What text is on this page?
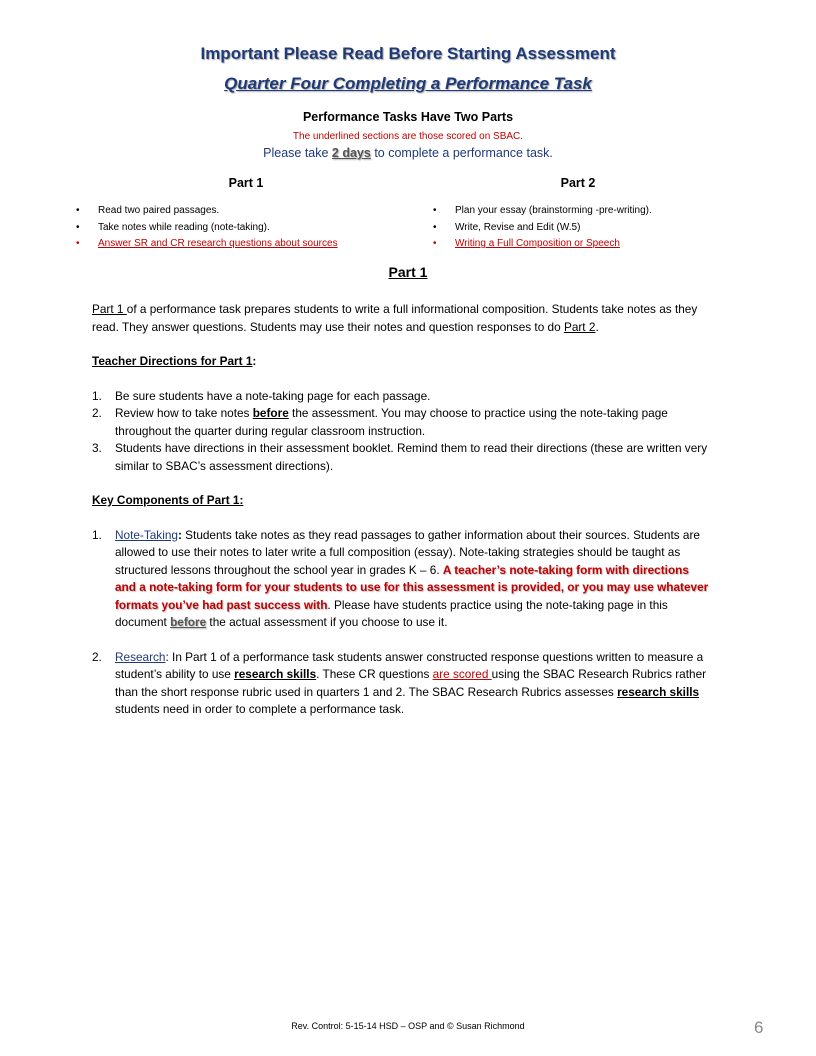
Important Please Read Before Starting Assessment
Quarter Four Completing a Performance Task
Performance Tasks Have Two Parts
The underlined sections are those scored on SBAC.
Please take 2 days to complete a performance task.
Part 1	Part 2
• Read two paired passages.
• Take notes while reading (note-taking).
• Answer SR and CR research questions about sources
• Plan your essay (brainstorming -pre-writing).
• Write, Revise and Edit (W.5)
• Writing a Full Composition or Speech
Part 1

Part 1 of a performance task prepares students to write a full informational composition. Students take notes as they read. They answer questions. Students may use their notes and question responses to do Part 2.

Teacher Directions for Part 1:

1. Be sure students have a note-taking page for each passage.

2. Review how to take notes before the assessment. You may choose to practice using the note-taking page throughout the quarter during regular classroom instruction.

3. Students have directions in their assessment booklet. Remind them to read their directions (these are written very similar to SBAC’s assessment directions).

Key Components of Part 1:

1. Note-Taking: Students take notes as they read passages to gather information about their sources. Students are allowed to use their notes to later write a full composition (essay). Note-taking strategies should be taught as structured lessons throughout the school year in grades K – 6. A teacher’s note-taking form with directions and a note-taking form for your students to use for this assessment is provided, or you may use whatever formats you’ve had past success with. Please have students practice using the note-taking page in this document before the actual assessment if you choose to use it.

2. Research: In Part 1 of a performance task students answer constructed response questions written to measure a student’s ability to use research skills. These CR questions are scored using the SBAC Research Rubrics rather than the short response rubric used in quarters 1 and 2. The SBAC Research Rubrics assesses research skills students need in order to complete a performance task.

Rev. Control: 5-15-14 HSD – OSP and © Susan Richmond	6
